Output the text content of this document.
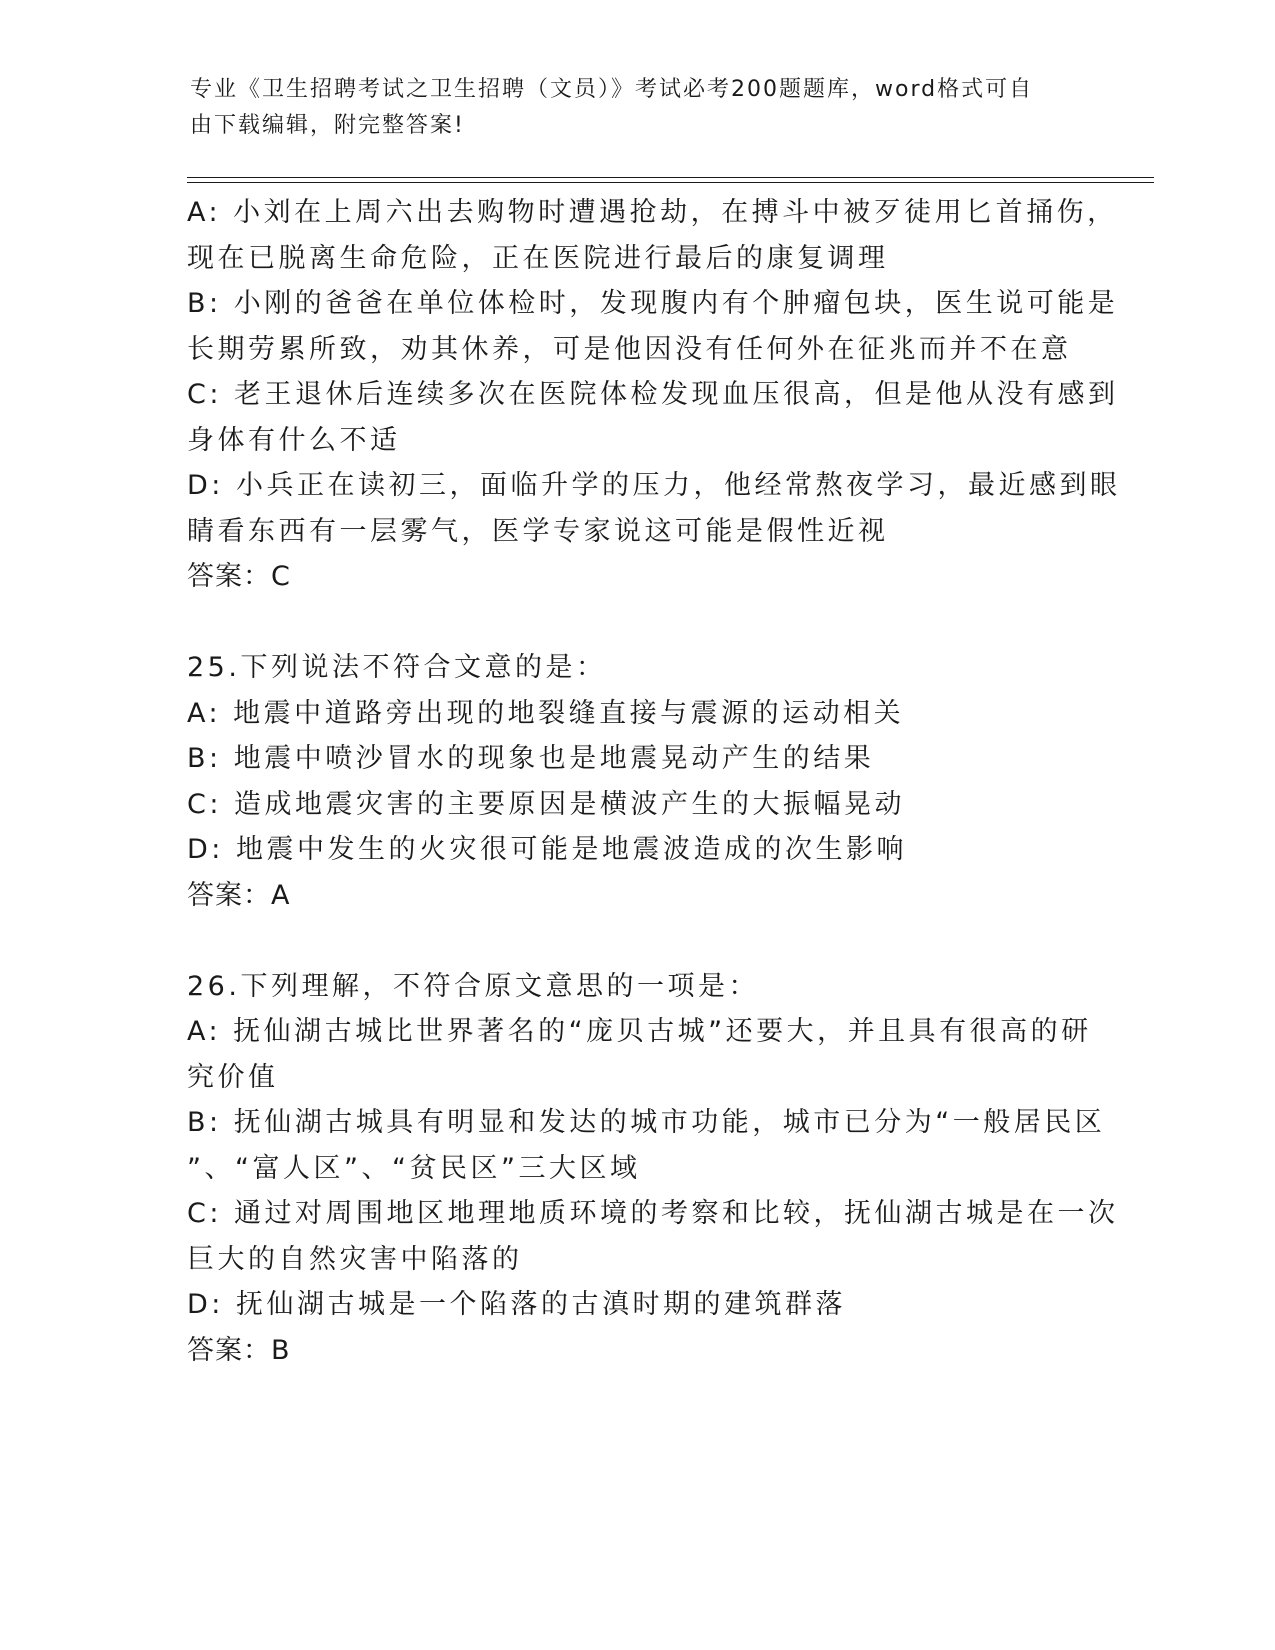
专业《卫生招聘考试之卫生招聘（文员）》考试必考200题题库，word格式可自
由下载编辑，附完整答案!
A: 小刘在上周六出去购物时遭遇抢劫，在搏斗中被歹徒用匕首捅伤，
现在已脱离生命危险，正在医院进行最后的康复调理
B: 小刚的爸爸在单位体检时，发现腹内有个肿瘤包块，医生说可能是
长期劳累所致，劝其休养，可是他因没有任何外在征兆而并不在意
C: 老王退休后连续多次在医院体检发现血压很高，但是他从没有感到
身体有什么不适
D: 小兵正在读初三，面临升学的压力，他经常熬夜学习，最近感到眼
睛看东西有一层雾气，医学专家说这可能是假性近视
答案：C
25.下列说法不符合文意的是：
A: 地震中道路旁出现的地裂缝直接与震源的运动相关
B: 地震中喷沙冒水的现象也是地震晃动产生的结果
C: 造成地震灾害的主要原因是横波产生的大振幅晃动
D: 地震中发生的火灾很可能是地震波造成的次生影响
答案：A
26.下列理解，不符合原文意思的一项是：
A: 抚仙湖古城比世界著名的“庞贝古城”还要大，并且具有很高的研
究价值
B: 抚仙湖古城具有明显和发达的城市功能，城市已分为“一般居民区
”、“富人区”、“贫民区”三大区域
C: 通过对周围地区地理地质环境的考察和比较，抚仙湖古城是在一次
巨大的自然灾害中陷落的
D: 抚仙湖古城是一个陷落的古滇时期的建筑群落
答案：B
